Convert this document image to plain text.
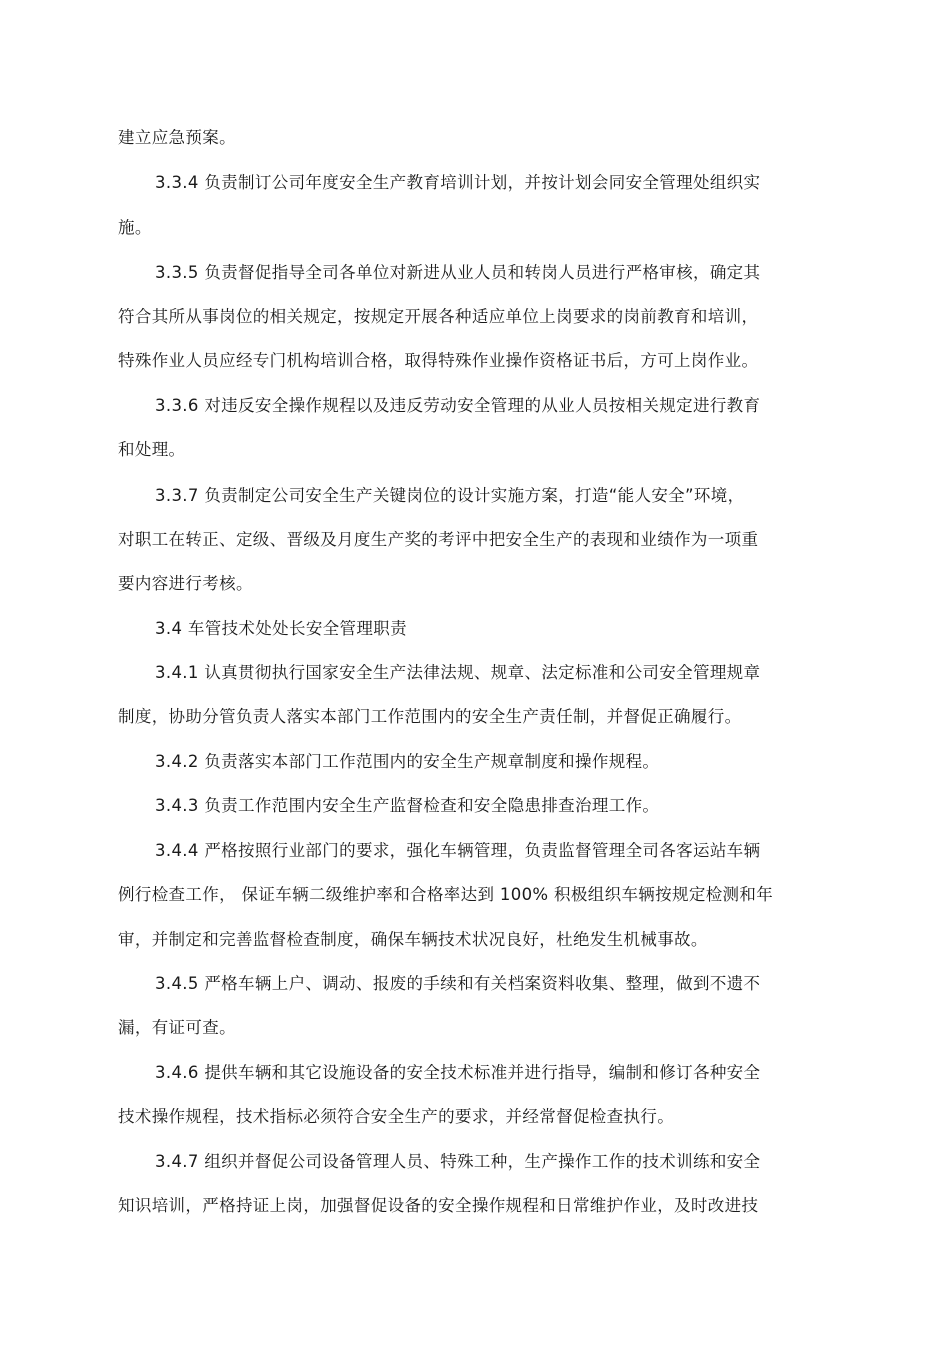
建立应急预案。
3.3.4 负责制订公司年度安全生产教育培训计划，并按计划会同安全管理处组织实
施。
3.3.5 负责督促指导全司各单位对新进从业人员和转岗人员进行严格审核，确定其
符合其所从事岗位的相关规定，按规定开展各种适应单位上岗要求的岗前教育和培训，
特殊作业人员应经专门机构培训合格，取得特殊作业操作资格证书后，方可上岗作业。
3.3.6 对违反安全操作规程以及违反劳动安全管理的从业人员按相关规定进行教育
和处理。
3.3.7 负责制定公司安全生产关键岗位的设计实施方案，打造“能人安全”环境，
对职工在转正、定级、晋级及月度生产奖的考评中把安全生产的表现和业绩作为一项重
要内容进行考核。
3.4 车管技术处处长安全管理职责
3.4.1 认真贯彻执行国家安全生产法律法规、规章、法定标准和公司安全管理规章
制度，协助分管负责人落实本部门工作范围内的安全生产责任制，并督促正确履行。
3.4.2 负责落实本部门工作范围内的安全生产规章制度和操作规程。
3.4.3 负责工作范围内安全生产监督检查和安全隐患排查治理工作。
3.4.4 严格按照行业部门的要求，强化车辆管理，负责监督管理全司各客运站车辆
例行检查工作， 保证车辆二级维护率和合格率达到 100% 积极组织车辆按规定检测和年
审，并制定和完善监督检查制度，确保车辆技术状况良好，杜绝发生机械事故。
3.4.5 严格车辆上户、调动、报废的手续和有关档案资料收集、整理，做到不遗不
漏，有证可查。
3.4.6 提供车辆和其它设施设备的安全技术标准并进行指导，编制和修订各种安全
技术操作规程，技术指标必须符合安全生产的要求，并经常督促检查执行。
3.4.7 组织并督促公司设备管理人员、特殊工种，生产操作工作的技术训练和安全
知识培训，严格持证上岗，加强督促设备的安全操作规程和日常维护作业，及时改进技
